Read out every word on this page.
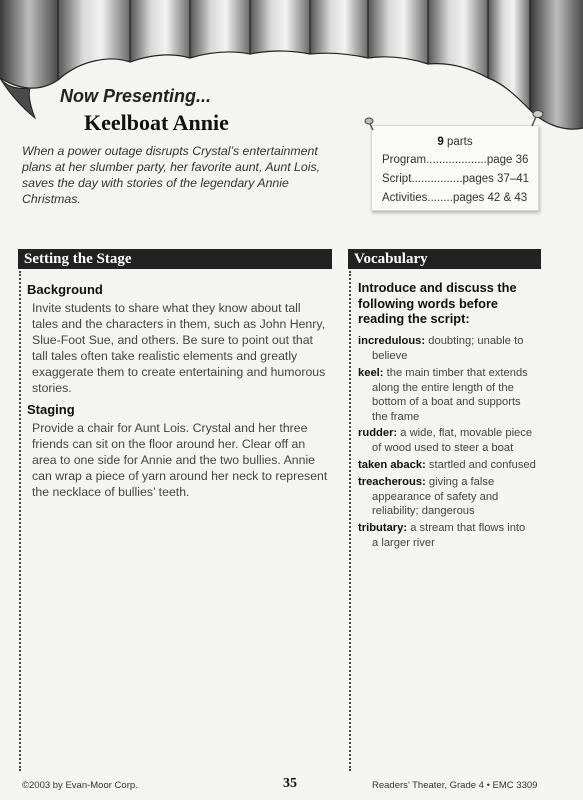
Now Presenting...
Keelboat Annie
When a power outage disrupts Crystal’s entertainment plans at her slumber party, her favorite aunt, Aunt Lois, saves the day with stories of the legendary Annie Christmas.
9 parts
Program...................page 36
Script................pages 37–41
Activities........pages 42 & 43
Setting the Stage	Vocabulary
Background
Invite students to share what they know about tall tales and the characters in them, such as John Henry, Slue-Foot Sue, and others. Be sure to point out that tall tales often take realistic elements and greatly exaggerate them to create entertaining and humorous stories.
Staging
Provide a chair for Aunt Lois. Crystal and her three friends can sit on the floor around her. Clear off an area to one side for Annie and the two bullies. Annie can wrap a piece of yarn around her neck to represent the necklace of bullies’ teeth.
Introduce and discuss the following words before reading the script:
incredulous: doubting; unable to
believe
keel: the main timber that extends
along the entire length of the
bottom of a boat and supports
the frame
rudder: a wide, flat, movable piece
of wood used to steer a boat
taken aback: startled and confused
treacherous: giving a false
appearance of safety and
reliability; dangerous
tributary: a stream that flows into
a larger river
©2003 by Evan-Moor Corp.	35	Readers’ Theater, Grade 4 • EMC 3309
